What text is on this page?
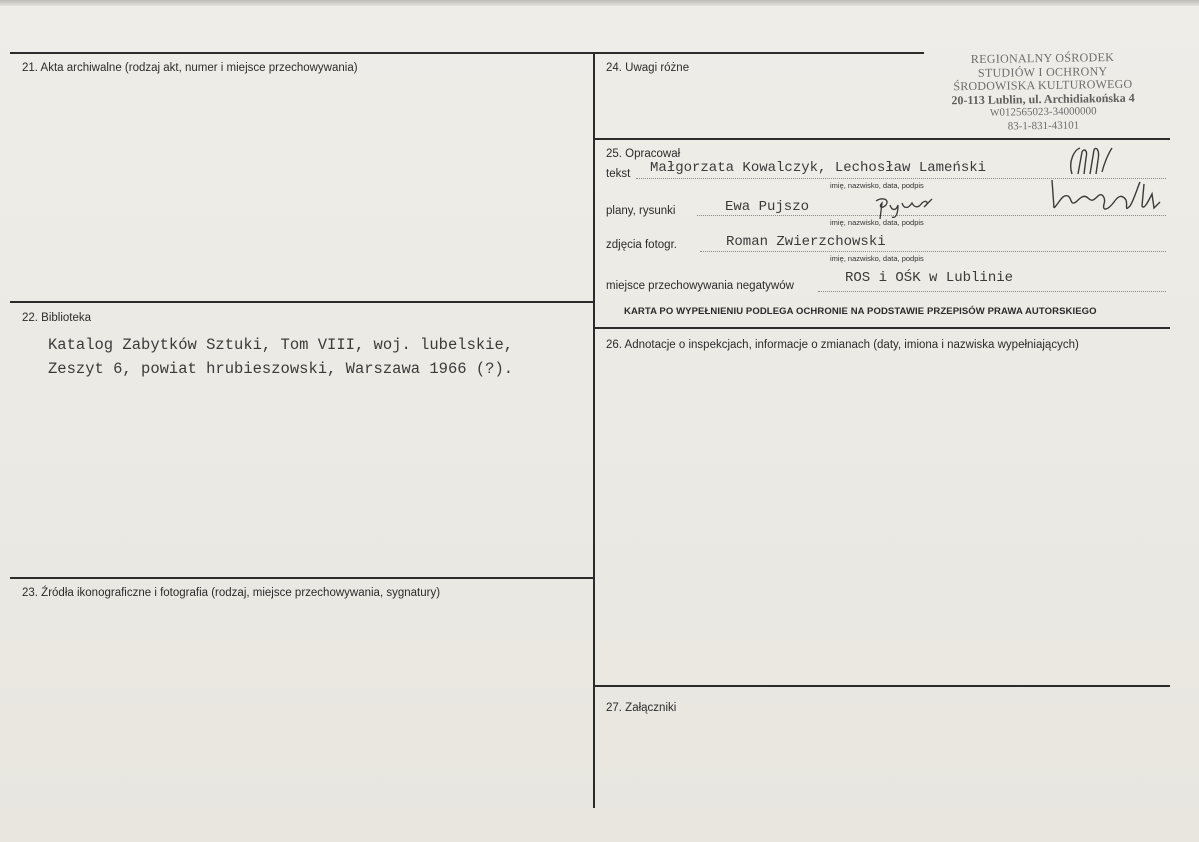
21. Akta archiwalne (rodzaj akt, numer i miejsce przechowywania)
22. Biblioteka
Katalog Zabytków Sztuki, Tom VIII, woj. lubelskie,
Zeszyt 6, powiat hrubieszowski, Warszawa 1966 (?).
23. Źródła ikonograficzne i fotografia (rodzaj, miejsce przechowywania, sygnatury)
24. Uwagi różne
REGIONALNY OŚRODEK
STUDIÓW I OCHRONY
ŚRODOWISKA KULTUROWEGO
20-113 Lublin, ul. Archidiakońska 4
W012565023-34000000
83-1-831-43101
25. Opracował
tekst Małgorzata Kowalczyk, Lechosław Lameński
imię, nazwisko, data, podpis
plany, rysunki	Ewa Pujszo
imię, nazwisko, data, podpis
zdjęcia fotogr.	Roman Zwierzchowski
imię, nazwisko, data, podpis
miejsce przechowywania negatywów	ROS i OŚK w Lublinie
KARTA PO WYPEŁNIENIU PODLEGA OCHRONIE NA PODSTAWIE PRZEPISÓW PRAWA AUTORSKIEGO
26. Adnotacje o inspekcjach, informacje o zmianach (daty, imiona i nazwiska wypełniających)
27. Załączniki
